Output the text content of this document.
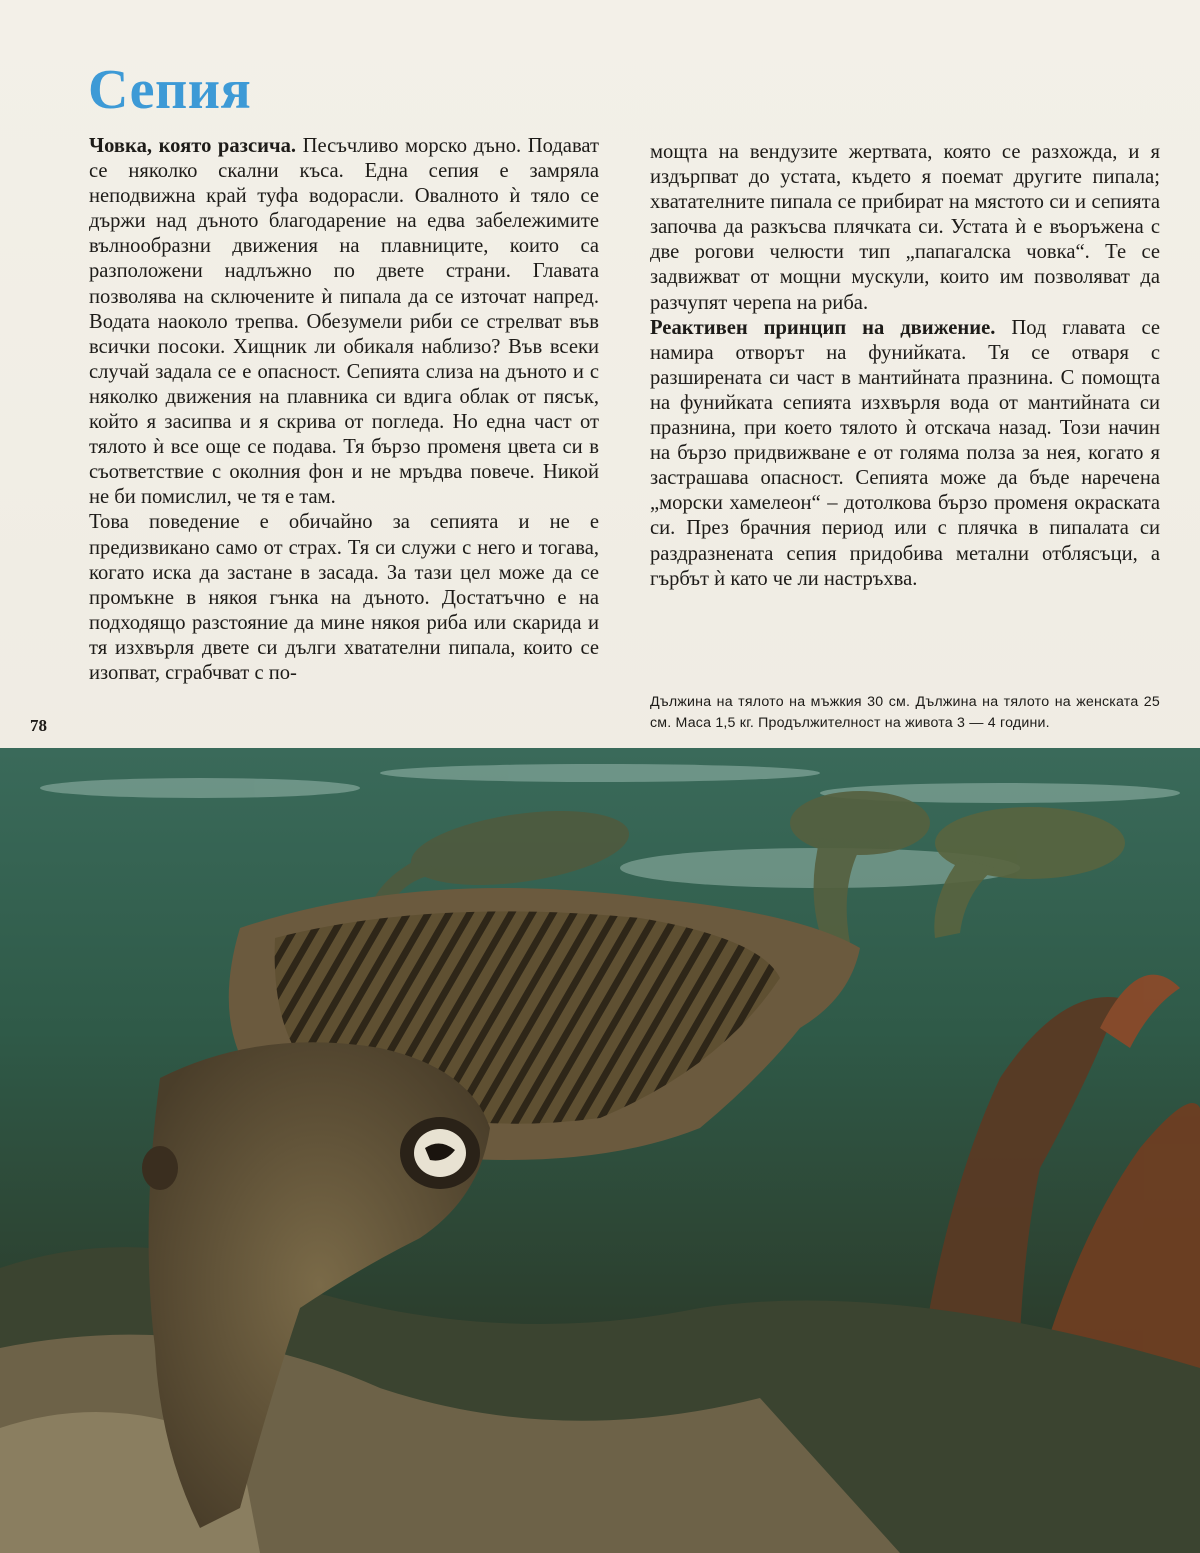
Сепия

Човка, която разсича. Песъчливо морско дъно. Подават се няколко скални къса. Една сепия е замряла неподвижна край туфа водорасли. Овалното ѝ тяло се държи над дъното благодарение на едва забележимите вълнообразни движения на плавниците, които са разположени надлъжно по двете страни. Главата позволява на сключените ѝ пипала да се източат напред. Водата наоколо трепва. Обезумели риби се стрелват във всички посоки. Хищник ли обикаля наблизо? Във всеки случай задала се е опасност. Сепията слиза на дъното и с няколко движения на плавника си вдига облак от пясък, който я засипва и я скрива от погледа. Но една част от тялото ѝ все още се подава. Тя бързо променя цвета си в съответствие с околния фон и не мръдва повече. Никой не би помислил, че тя е там.

Това поведение е обичайно за сепията и не е предизвикано само от страх. Тя си служи с него и тогава, когато иска да застане в засада. За тази цел може да се промъкне в някоя гънка на дъното. Достатъчно е на подходящо разстояние да мине някоя риба или скарида и тя изхвърля двете си дълги хватателни пипала, които се изопват, сграбчват с по-

мощта на вендузите жертвата, която се разхожда, и я издърпват до устата, където я поемат другите пипала; хватателните пипала се прибират на мястото си и сепията започва да разкъсва плячката си. Устата ѝ е въоръжена с две рогови челюсти тип „папагалска човка“. Те се задвижват от мощни мускули, които им позволяват да разчупят черепа на риба.

Реактивен принцип на движение. Под главата се намира отворът на фунийката. Тя се отваря с разширената си част в мантийната празнина. С помощта на фунийката сепията изхвърля вода от мантийната си празнина, при което тялото ѝ отскача назад. Този начин на бързо придвижване е от голяма полза за нея, когато я застрашава опасност. Сепията може да бъде наречена „морски хамелеон“ – дотолкова бързо променя окраската си. През брачния период или с плячка в пипалата си раздразнената сепия придобива метални отблясъци, а гърбът ѝ като че ли настръхва.

Дължина на тялото на мъжкия 30 см. Дължина на тялото на женската 25 см. Маса 1,5 кг. Продължителност на живота 3 — 4 години.
78
